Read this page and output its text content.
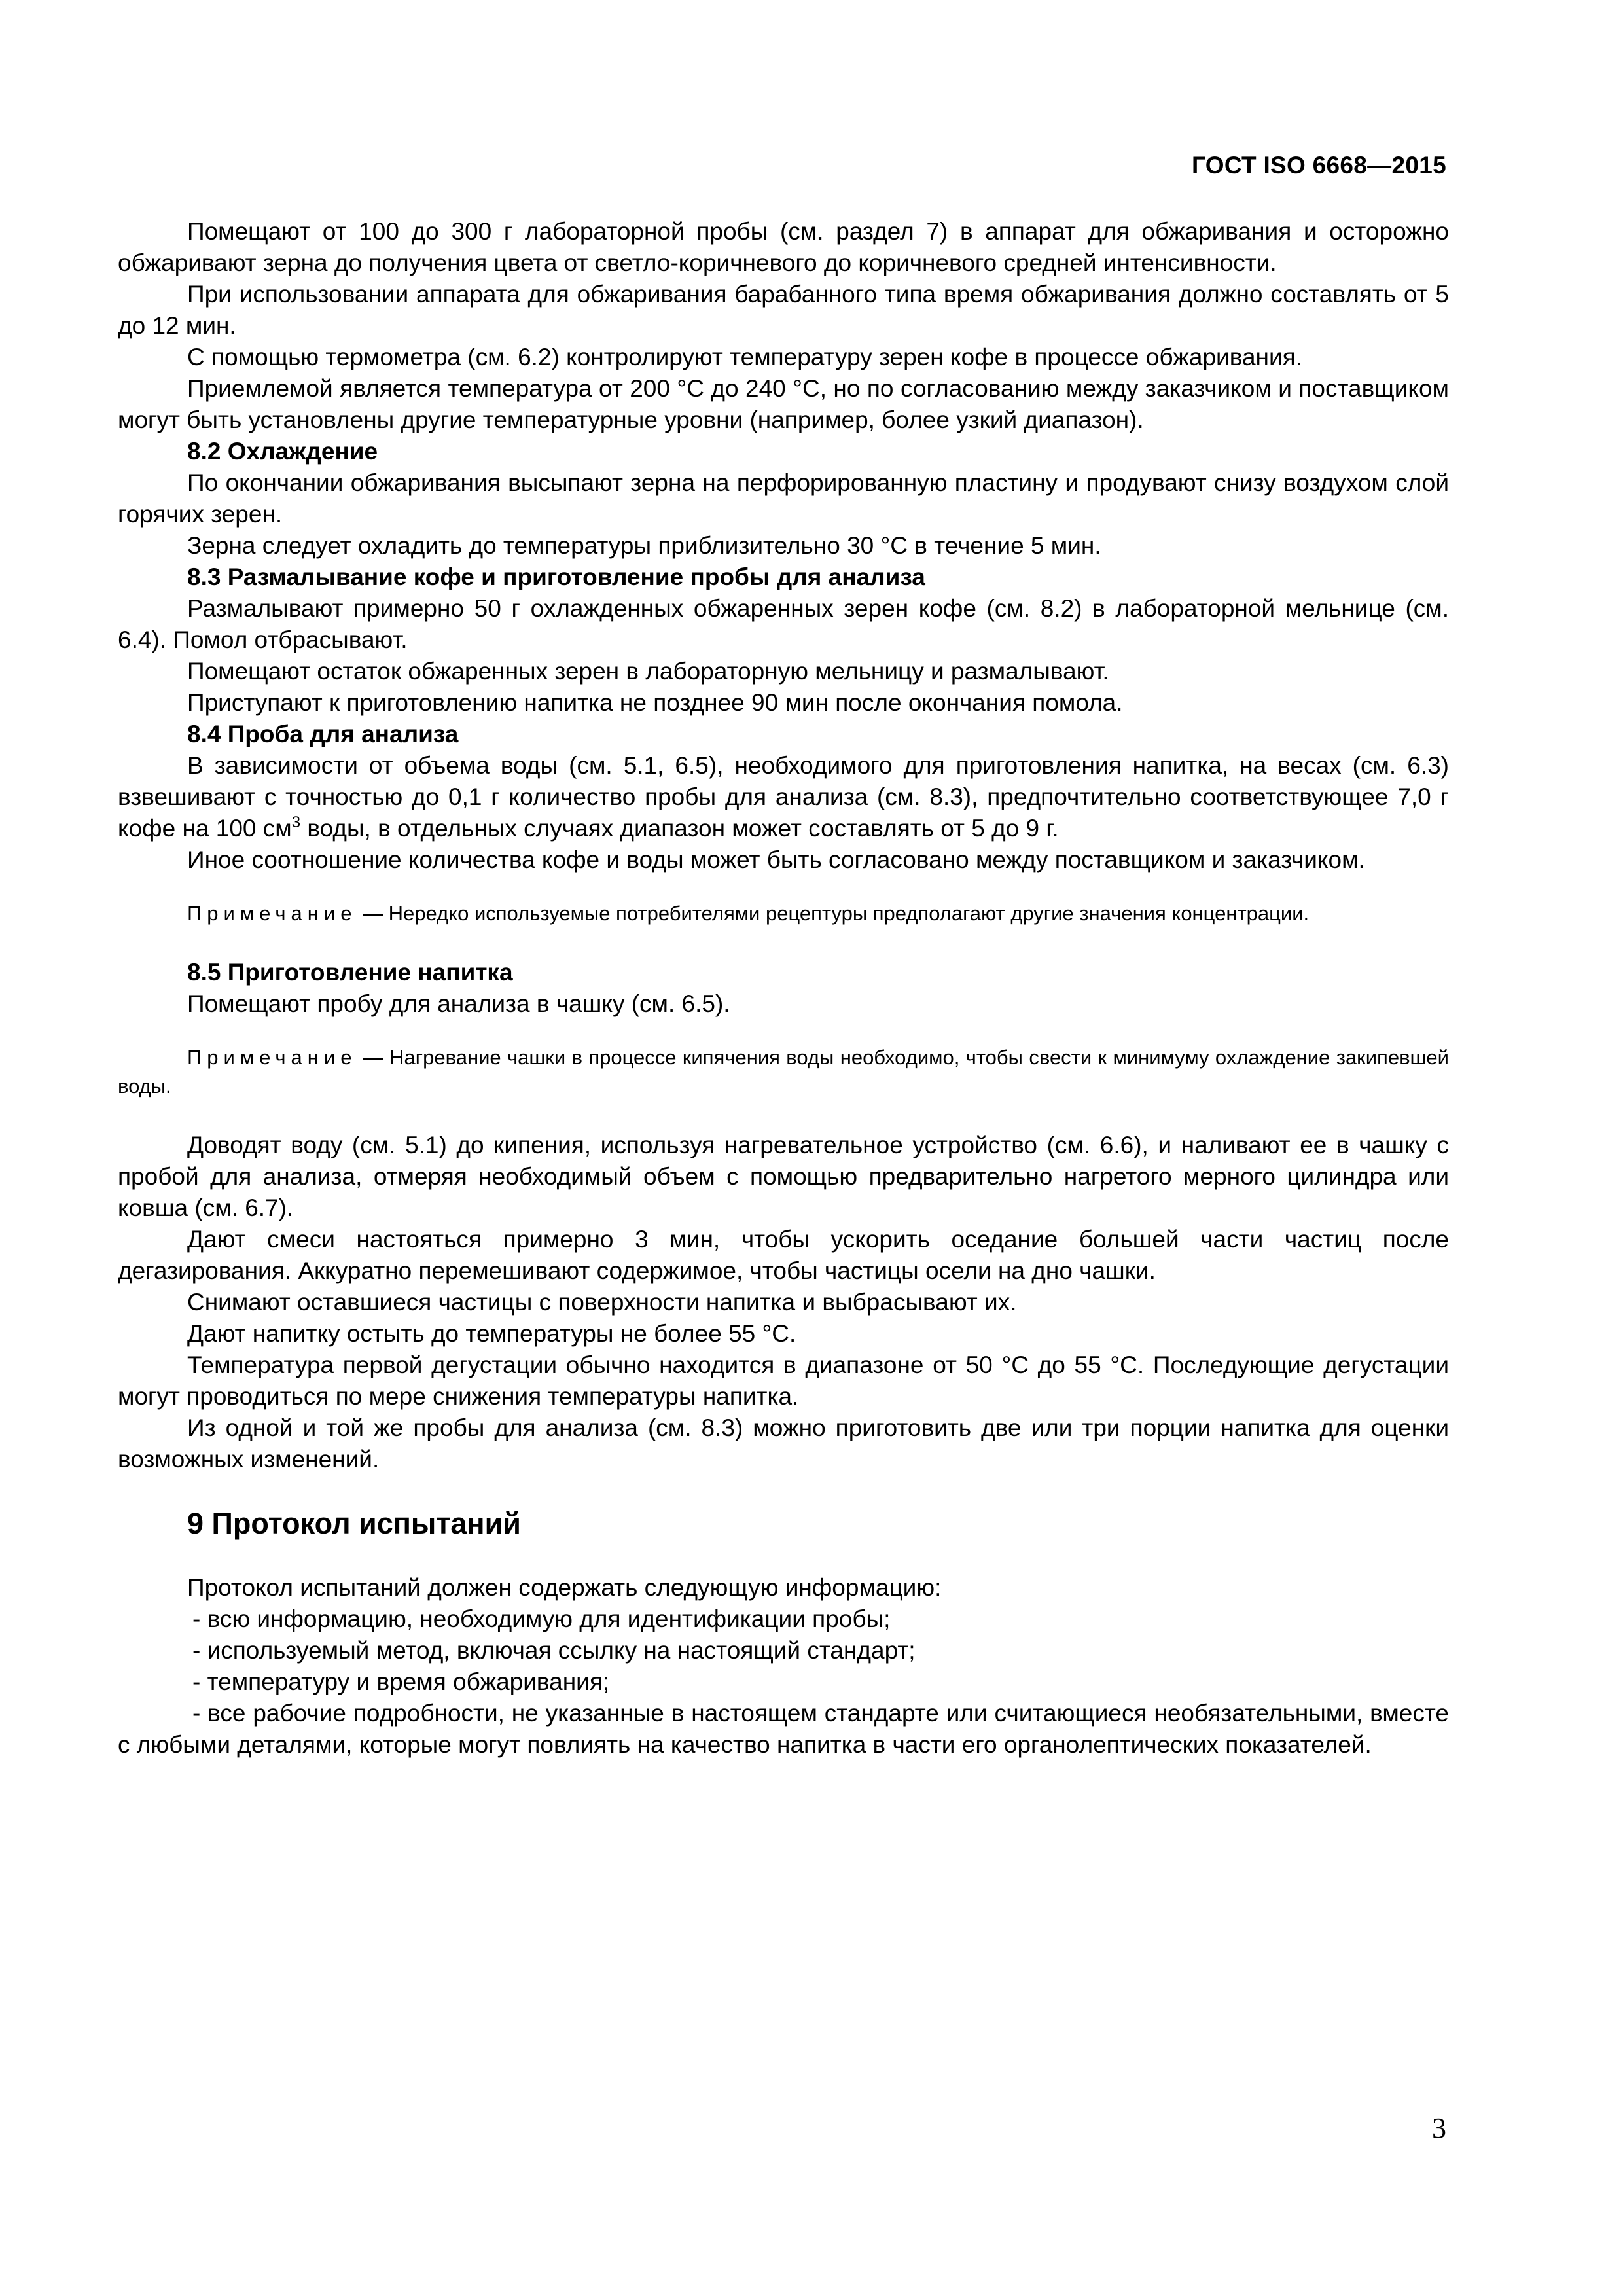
ГОСТ ISO 6668—2015

Помещают от 100 до 300 г лабораторной пробы (см. раздел 7) в аппарат для обжаривания и осторожно обжаривают зерна до получения цвета от светло-коричневого до коричневого средней интенсивности.

При использовании аппарата для обжаривания барабанного типа время обжаривания должно составлять от 5 до 12 мин.

С помощью термометра (см. 6.2) контролируют температуру зерен кофе в процессе обжаривания.

Приемлемой является температура от 200 °С до 240 °С, но по согласованию между заказчиком и поставщиком могут быть установлены другие температурные уровни (например, более узкий диапазон).

8.2 Охлаждение

По окончании обжаривания высыпают зерна на перфорированную пластину и продувают снизу воздухом слой горячих зерен.

Зерна следует охладить до температуры приблизительно 30 °С в течение 5 мин.

8.3 Размалывание кофе и приготовление пробы для анализа

Размалывают примерно 50 г охлажденных обжаренных зерен кофе (см. 8.2) в лабораторной мельнице (см. 6.4). Помол отбрасывают.

Помещают остаток обжаренных зерен в лабораторную мельницу и размалывают.

Приступают к приготовлению напитка не позднее 90 мин после окончания помола.

8.4 Проба для анализа

В зависимости от объема воды (см. 5.1, 6.5), необходимого для приготовления напитка, на весах (см. 6.3) взвешивают с точностью до 0,1 г количество пробы для анализа (см. 8.3), предпочтительно соответствующее 7,0 г кофе на 100 $см^3$ воды, в отдельных случаях диапазон может составлять от 5 до 9 г.

Иное соотношение количества кофе и воды может быть согласовано между поставщиком и заказчиком.

Примечание — Нередко используемые потребителями рецептуры предполагают другие значения концентрации.

8.5 Приготовление напитка

Помещают пробу для анализа в чашку (см. 6.5).

Примечание — Нагревание чашки в процессе кипячения воды необходимо, чтобы свести к минимуму охлаждение закипевшей воды.

Доводят воду (см. 5.1) до кипения, используя нагревательное устройство (см. 6.6), и наливают ее в чашку с пробой для анализа, отмеряя необходимый объем с помощью предварительно нагретого мерного цилиндра или ковша (см. 6.7).

Дают смеси настояться примерно 3 мин, чтобы ускорить оседание большей части частиц после дегазирования. Аккуратно перемешивают содержимое, чтобы частицы осели на дно чашки.

Снимают оставшиеся частицы с поверхности напитка и выбрасывают их.

Дают напитку остыть до температуры не более 55 °С.

Температура первой дегустации обычно находится в диапазоне от 50 °С до 55 °С. Последующие дегустации могут проводиться по мере снижения температуры напитка.

Из одной и той же пробы для анализа (см. 8.3) можно приготовить две или три порции напитка для оценки возможных изменений.

9 Протокол испытаний

Протокол испытаний должен содержать следующую информацию:

- всю информацию, необходимую для идентификации пробы;

- используемый метод, включая ссылку на настоящий стандарт;

- температуру и время обжаривания;

- все рабочие подробности, не указанные в настоящем стандарте или считающиеся необязательными, вместе с любыми деталями, которые могут повлиять на качество напитка в части его органолептических показателей.

3
